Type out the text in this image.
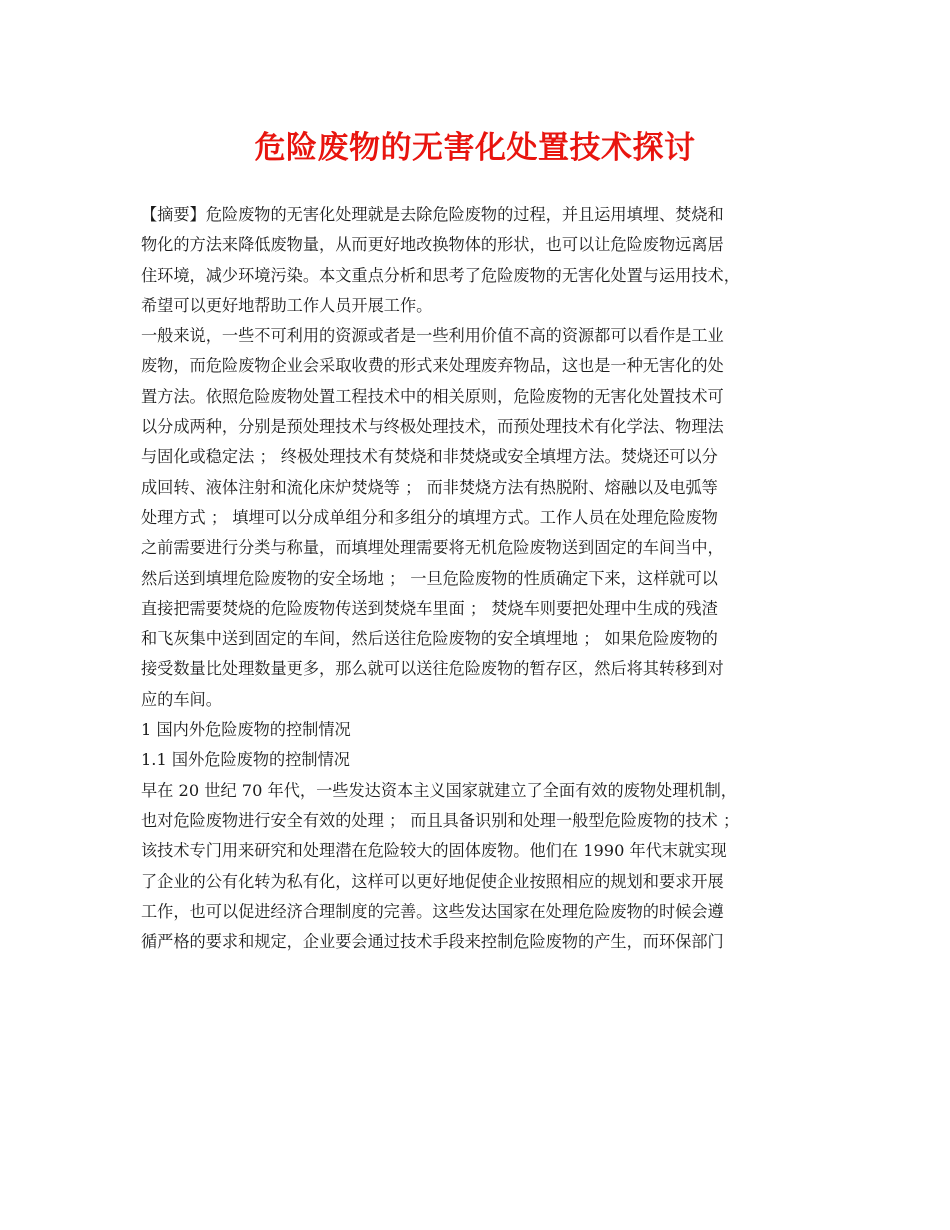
危险废物的无害化处置技术探讨
【摘要】危险废物的无害化处理就是去除危险废物的过程，并且运用填埋、焚烧和
物化的方法来降低废物量，从而更好地改换物体的形状，也可以让危险废物远离居
住环境，减少环境污染。本文重点分析和思考了危险废物的无害化处置与运用技术，
希望可以更好地帮助工作人员开展工作。
一般来说，一些不可利用的资源或者是一些利用价值不高的资源都可以看作是工业
废物，而危险废物企业会采取收费的形式来处理废弃物品，这也是一种无害化的处
置方法。依照危险废物处置工程技术中的相关原则，危险废物的无害化处置技术可
以分成两种，分别是预处理技术与终极处理技术，而预处理技术有化学法、物理法
与固化或稳定法 ； 终极处理技术有焚烧和非焚烧或安全填埋方法。焚烧还可以分
成回转、液体注射和流化床炉焚烧等 ； 而非焚烧方法有热脱附、熔融以及电弧等
处理方式 ； 填埋可以分成单组分和多组分的填埋方式。工作人员在处理危险废物
之前需要进行分类与称量，而填埋处理需要将无机危险废物送到固定的车间当中，
然后送到填埋危险废物的安全场地 ； 一旦危险废物的性质确定下来，这样就可以
直接把需要焚烧的危险废物传送到焚烧车里面 ； 焚烧车则要把处理中生成的残渣
和飞灰集中送到固定的车间，然后送往危险废物的安全填埋地 ； 如果危险废物的
接受数量比处理数量更多，那么就可以送往危险废物的暂存区，然后将其转移到对
应的车间。
1 国内外危险废物的控制情况
1.1 国外危险废物的控制情况
早在 20 世纪 70 年代，一些发达资本主义国家就建立了全面有效的废物处理机制，
也对危险废物进行安全有效的处理 ； 而且具备识别和处理一般型危险废物的技术 ；
该技术专门用来研究和处理潜在危险较大的固体废物。他们在 1990 年代末就实现
了企业的公有化转为私有化，这样可以更好地促使企业按照相应的规划和要求开展
工作，也可以促进经济合理制度的完善。这些发达国家在处理危险废物的时候会遵
循严格的要求和规定，企业要会通过技术手段来控制危险废物的产生，而环保部门
